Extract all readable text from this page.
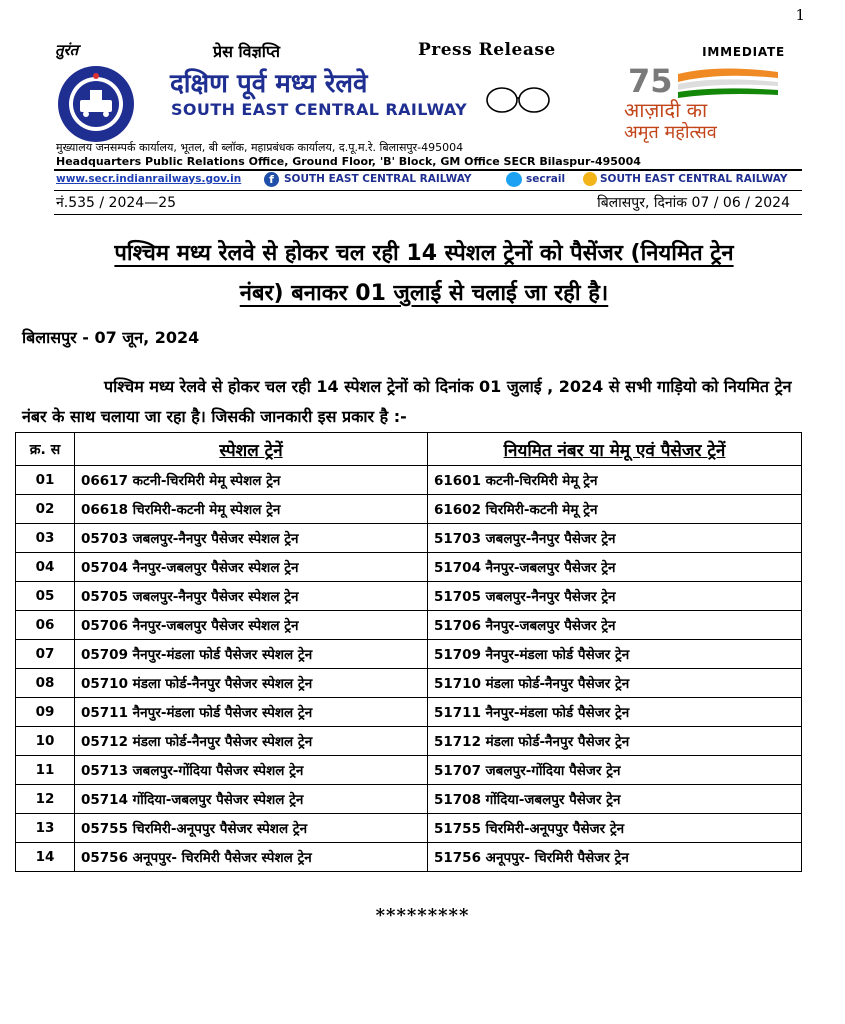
1
तुरंत	प्रेस विज्ञप्ति	Press Release	IMMEDIATE
दक्षिण पूर्व मध्य रेलवे
SOUTH EAST CENTRAL RAILWAY
75
आज़ादी का
अमृत महोत्सव
मुख्यालय जनसम्पर्क कार्यालय, भूतल, बी ब्लॉक, महाप्रबंधक कार्यालय, द.पू.म.रे. बिलासपुर-495004
Headquarters Public Relations Office, Ground Floor, 'B' Block, GM Office SECR Bilaspur-495004
www.secr.indianrailways.gov.in	f SOUTH EAST CENTRAL RAILWAY	secrail	SOUTH EAST CENTRAL RAILWAY
नं.535 / 2024—25	बिलासपुर, दिनांक 07 / 06 / 2024
पश्चिम मध्य रेलवे से होकर चल रही 14 स्पेशल ट्रेनों को पैसेंजर (नियमित ट्रेन
नंबर) बनाकर 01 जुलाई से चलाई जा रही है।
बिलासपुर - 07 जून, 2024
पश्चिम मध्य रेलवे से होकर चल रही 14 स्पेशल ट्रेनों को दिनांक 01 जुलाई , 2024 से सभी गाड़ियो को नियमित ट्रेन नंबर के साथ चलाया जा रहा है। जिसकी जानकारी इस प्रकार है :-
क्र. स	स्पेशल ट्रेनें	नियमित नंबर या मेमू एवं पैसेजर ट्रेनें
01	06617 कटनी-चिरमिरी मेमू स्पेशल ट्रेन	61601 कटनी-चिरमिरी मेमू ट्रेन
02	06618 चिरमिरी-कटनी मेमू स्पेशल ट्रेन	61602 चिरमिरी-कटनी मेमू ट्रेन
03	05703 जबलपुर-नैनपुर पैसेजर स्पेशल ट्रेन	51703 जबलपुर-नैनपुर पैसेजर ट्रेन
04	05704 नैनपुर-जबलपुर पैसेजर स्पेशल ट्रेन	51704 नैनपुर-जबलपुर पैसेजर ट्रेन
05	05705 जबलपुर-नैनपुर पैसेजर स्पेशल ट्रेन	51705 जबलपुर-नैनपुर पैसेजर ट्रेन
06	05706 नैनपुर-जबलपुर पैसेजर स्पेशल ट्रेन	51706 नैनपुर-जबलपुर पैसेजर ट्रेन
07	05709 नैनपुर-मंडला फोर्ड पैसेजर स्पेशल ट्रेन	51709 नैनपुर-मंडला फोर्ड पैसेजर ट्रेन
08	05710 मंडला फोर्ड-नैनपुर पैसेजर स्पेशल ट्रेन	51710 मंडला फोर्ड-नैनपुर पैसेजर ट्रेन
09	05711 नैनपुर-मंडला फोर्ड पैसेजर स्पेशल ट्रेन	51711 नैनपुर-मंडला फोर्ड पैसेजर ट्रेन
10	05712 मंडला फोर्ड-नैनपुर पैसेजर स्पेशल ट्रेन	51712 मंडला फोर्ड-नैनपुर पैसेजर ट्रेन
11	05713 जबलपुर-गोंदिया पैसेजर स्पेशल ट्रेन	51707 जबलपुर-गोंदिया पैसेजर ट्रेन
12	05714 गोंदिया-जबलपुर पैसेजर स्पेशल ट्रेन	51708 गोंदिया-जबलपुर पैसेजर ट्रेन
13	05755 चिरमिरी-अनूपपुर पैसेजर स्पेशल ट्रेन	51755 चिरमिरी-अनूपपुर पैसेजर ट्रेन
14	05756 अनूपपुर- चिरमिरी पैसेजर स्पेशल ट्रेन	51756 अनूपपुर- चिरमिरी पैसेजर ट्रेन
*********
